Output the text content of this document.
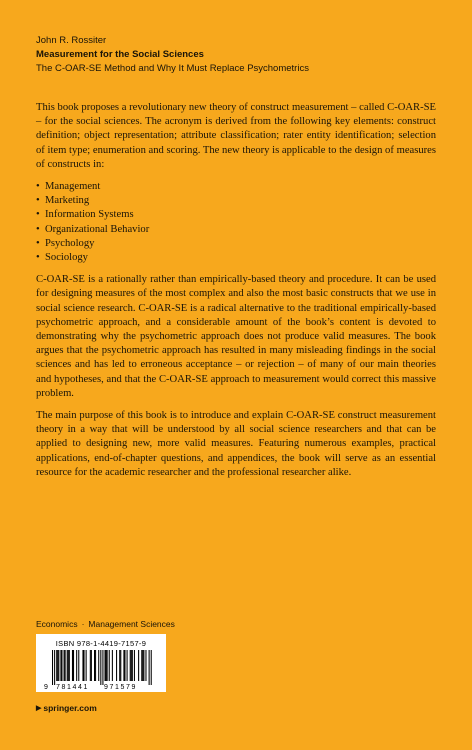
John R. Rossiter

Measurement for the Social Sciences

The C-OAR-SE Method and Why It Must Replace Psychometrics

This book proposes a revolutionary new theory of construct measurement – called C-OAR-SE – for the social sciences. The acronym is derived from the following key elements: construct definition; object representation; attribute classification; rater entity identification; selection of item type; enumeration and scoring. The new theory is applicable to the design of measures of constructs in:

• Management
• Marketing
• Information Systems
• Organizational Behavior
• Psychology
• Sociology

C-OAR-SE is a rationally rather than empirically-based theory and procedure. It can be used for designing measures of the most complex and also the most basic constructs that we use in social science research. C-OAR-SE is a radical alternative to the traditional empirically-based psychometric approach, and a considerable amount of the book’s content is devoted to demonstrating why the psychometric approach does not produce valid measures. The book argues that the psychometric approach has resulted in many misleading findings in the social sciences and has led to erroneous acceptance – or rejection – of many of our main theories and hypotheses, and that the C-OAR-SE approach to measurement would correct this massive problem.

The main purpose of this book is to introduce and explain C-OAR-SE construct measurement theory in a way that will be understood by all social science researchers and that can be applied to designing new, more valid measures. Featuring numerous examples, practical applications, end-of-chapter questions, and appendices, the book will serve as an essential resource for the academic researcher and the professional researcher alike.

Economics · Management Sciences
ISBN 978-1-4419-7157-9
9 781441 971579
▶ springer.com
